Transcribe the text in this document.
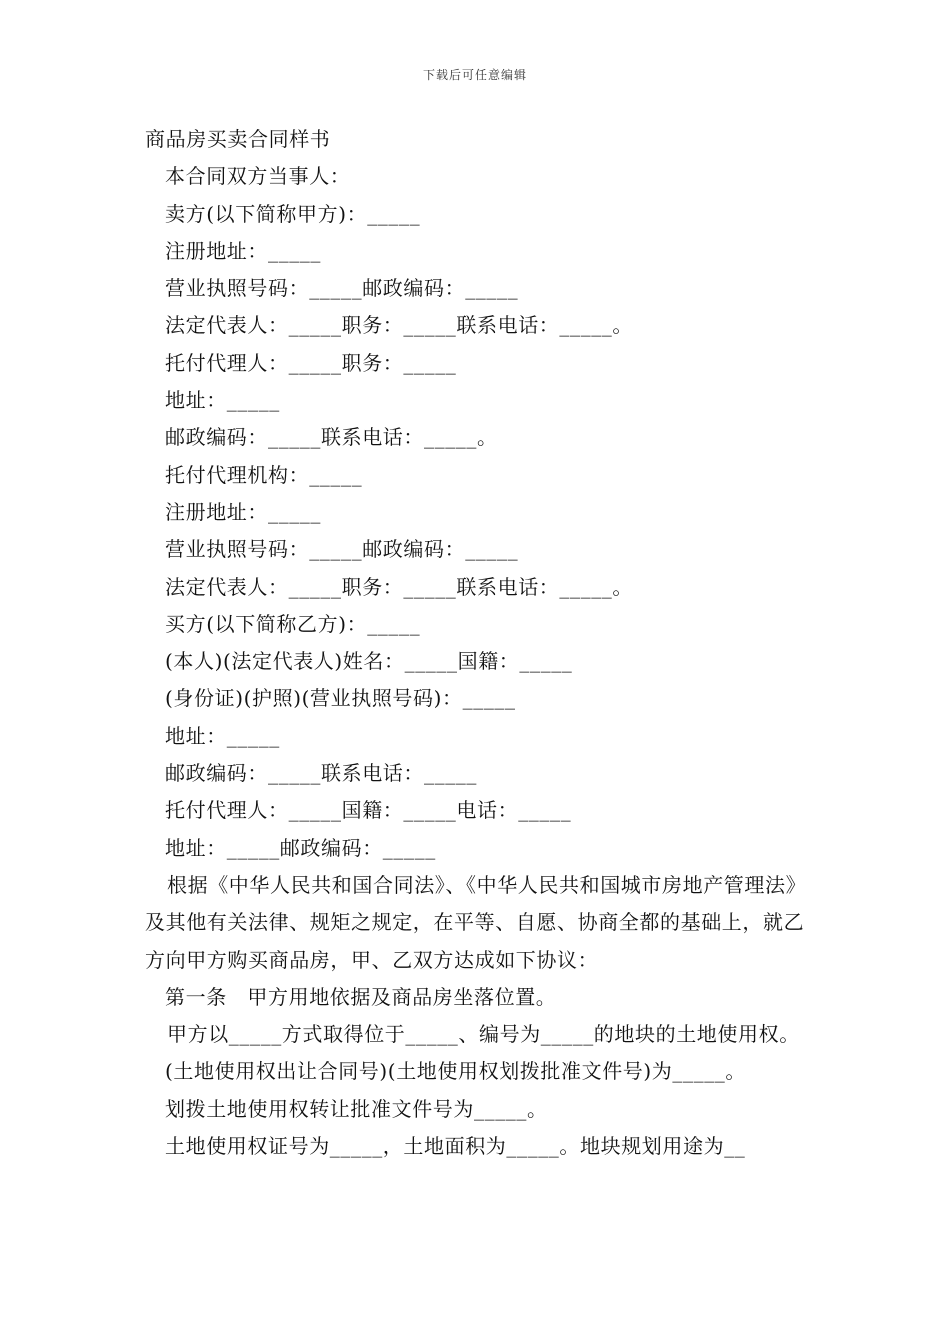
下载后可任意编辑
商品房买卖合同样书
本合同双方当事人：
卖方(以下简称甲方)：_____
注册地址：_____
营业执照号码：_____邮政编码：_____
法定代表人：_____职务：_____联系电话：_____。
托付代理人：_____职务：_____
地址：_____
邮政编码：_____联系电话：_____。
托付代理机构：_____
注册地址：_____
营业执照号码：_____邮政编码：_____
法定代表人：_____职务：_____联系电话：_____。
买方(以下简称乙方)：_____
(本人)(法定代表人)姓名：_____国籍：_____
(身份证)(护照)(营业执照号码)：_____
地址：_____
邮政编码：_____联系电话：_____
托付代理人：_____国籍：_____电话：_____
地址：_____邮政编码：_____
根据《中华人民共和国合同法》、《中华人民共和国城市房地产管理法》及其他有关法律、规矩之规定，在平等、自愿、协商全都的基础上，就乙方向甲方购买商品房，甲、乙双方达成如下协议：
第一条　甲方用地依据及商品房坐落位置。
甲方以_____方式取得位于_____、编号为_____的地块的土地使用权。
(土地使用权出让合同号)(土地使用权划拨批准文件号)为_____。
划拨土地使用权转让批准文件号为_____。
土地使用权证号为_____，土地面积为_____。地块规划用途为__
